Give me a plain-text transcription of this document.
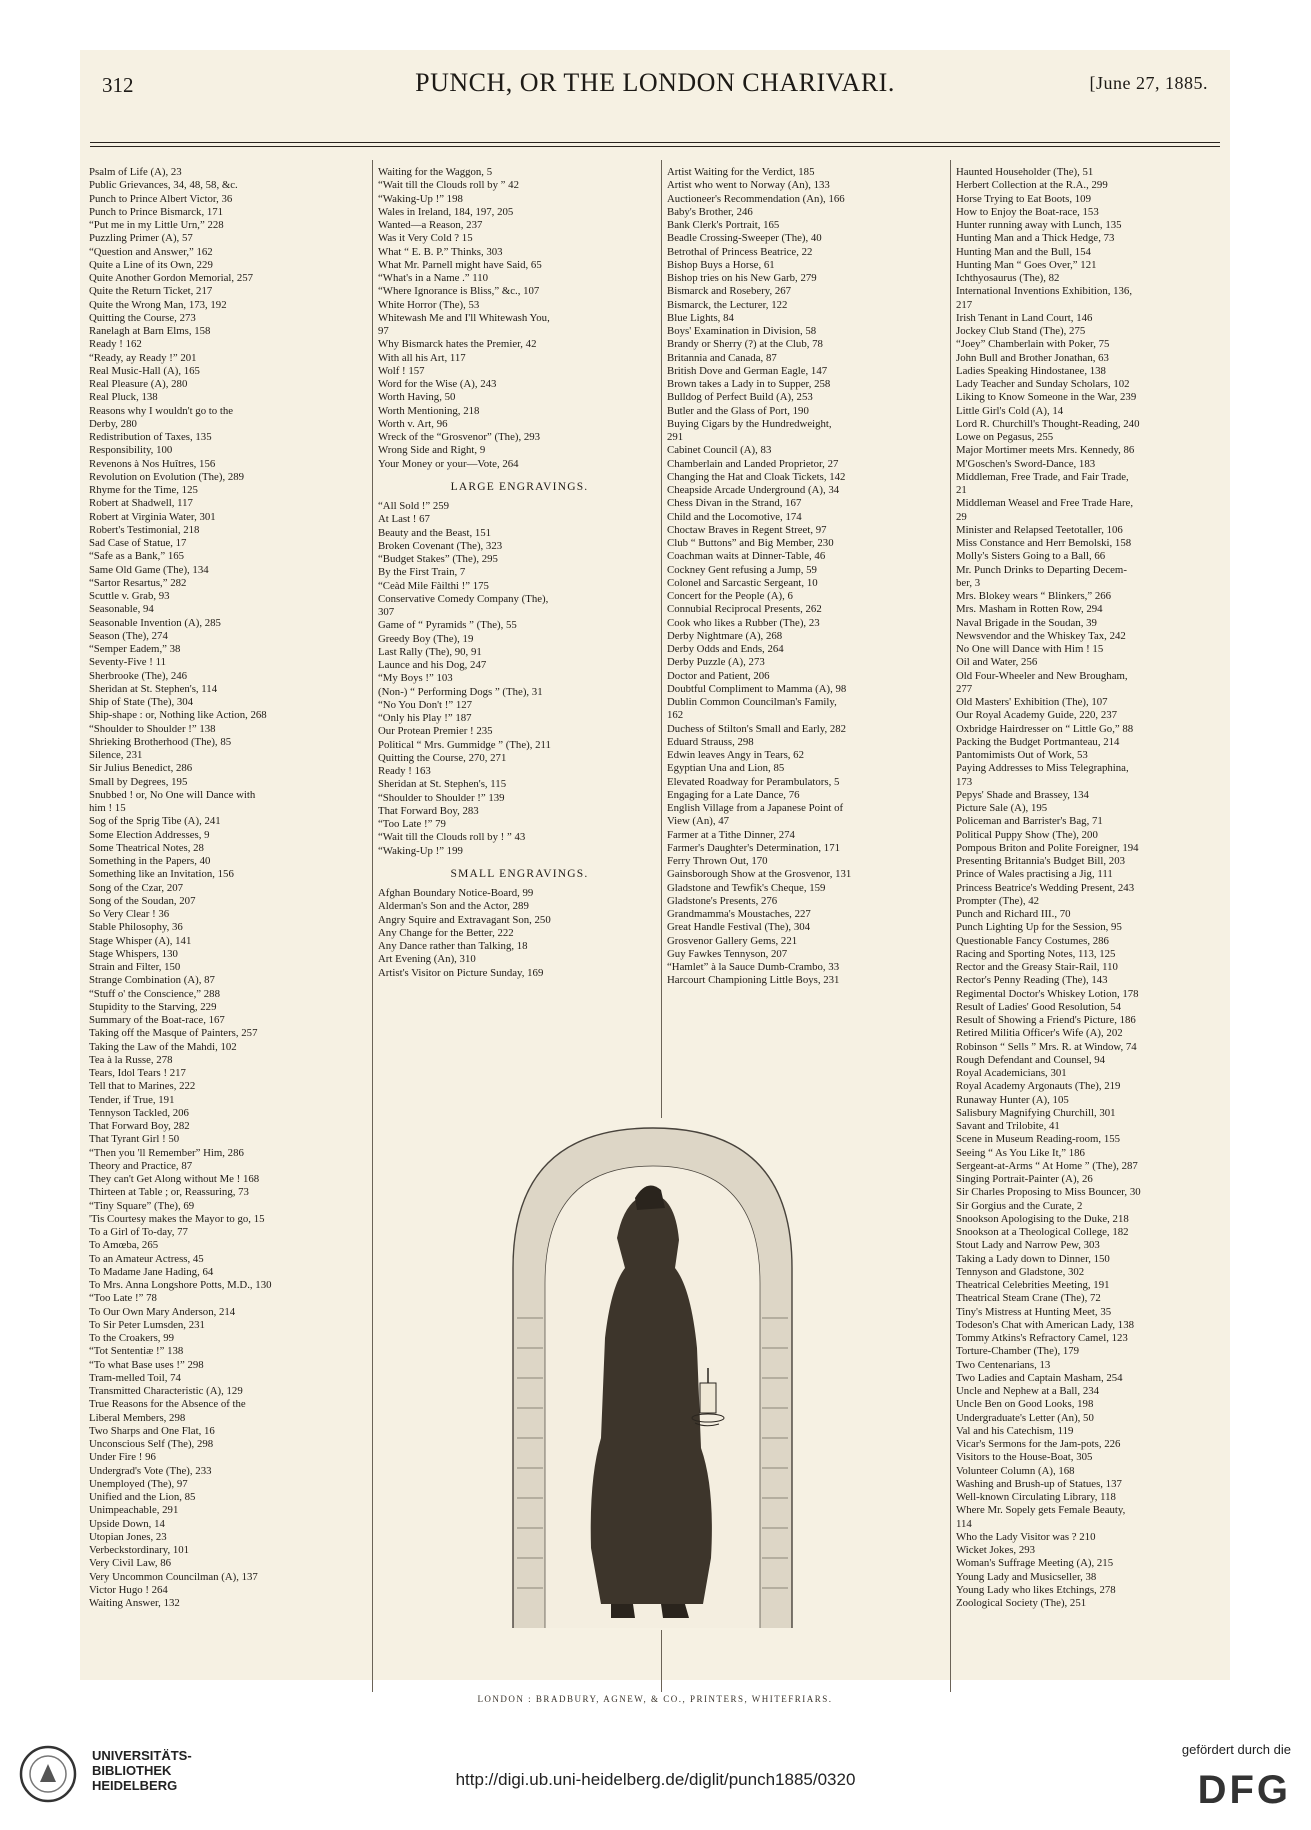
312	PUNCH, OR THE LONDON CHARIVARI.	[June 27, 1885.
Psalm of Life (A), 23
Public Grievances, 34, 48, 58, &c.
Punch to Prince Albert Victor, 36
Punch to Prince Bismarck, 171
“Put me in my Little Urn,” 228
Puzzling Primer (A), 57
“Question and Answer,” 162
Quite a Line of its Own, 229
Quite Another Gordon Memorial, 257
Quite the Return Ticket, 217
Quite the Wrong Man, 173, 192
Quitting the Course, 273
Ranelagh at Barn Elms, 158
Ready ! 162
“Ready, ay Ready !” 201
Real Music-Hall (A), 165
Real Pleasure (A), 280
Real Pluck, 138
Reasons why I wouldn't go to the
Derby, 280
Redistribution of Taxes, 135
Responsibility, 100
Revenons à Nos Huîtres, 156
Revolution on Evolution (The), 289
Rhyme for the Time, 125
Robert at Shadwell, 117
Robert at Virginia Water, 301
Robert's Testimonial, 218
Sad Case of Statue, 17
“Safe as a Bank,” 165
Same Old Game (The), 134
“Sartor Resartus,” 282
Scuttle v. Grab, 93
Seasonable, 94
Seasonable Invention (A), 285
Season (The), 274
“Semper Eadem,” 38
Seventy-Five ! 11
Sherbrooke (The), 246
Sheridan at St. Stephen's, 114
Ship of State (The), 304
Ship-shape : or, Nothing like Action, 268
“Shoulder to Shoulder !” 138
Shrieking Brotherhood (The), 85
Silence, 231
Sir Julius Benedict, 286
Small by Degrees, 195
Snubbed ! or, No One will Dance with
him ! 15
Sog of the Sprig Tibe (A), 241
Some Election Addresses, 9
Some Theatrical Notes, 28
Something in the Papers, 40
Something like an Invitation, 156
Song of the Czar, 207
Song of the Soudan, 207
So Very Clear ! 36
Stable Philosophy, 36
Stage Whisper (A), 141
Stage Whispers, 130
Strain and Filter, 150
Strange Combination (A), 87
“Stuff o' the Conscience,” 288
Stupidity to the Starving, 229
Summary of the Boat-race, 167
Taking off the Masque of Painters, 257
Taking the Law of the Mahdi, 102
Tea à la Russe, 278
Tears, Idol Tears ! 217
Tell that to Marines, 222
Tender, if True, 191
Tennyson Tackled, 206
That Forward Boy, 282
That Tyrant Girl ! 50
“Then you 'll Remember” Him, 286
Theory and Practice, 87
They can't Get Along without Me ! 168
Thirteen at Table ; or, Reassuring, 73
“Tiny Square” (The), 69
'Tis Courtesy makes the Mayor to go, 15
To a Girl of To-day, 77
To Amœba, 265
To an Amateur Actress, 45
To Madame Jane Hading, 64
To Mrs. Anna Longshore Potts, M.D., 130
“Too Late !” 78
To Our Own Mary Anderson, 214
To Sir Peter Lumsden, 231
To the Croakers, 99
“Tot Sententiæ !” 138
“To what Base uses !” 298
Tram-melled Toil, 74
Transmitted Characteristic (A), 129
True Reasons for the Absence of the
Liberal Members, 298
Two Sharps and One Flat, 16
Unconscious Self (The), 298
Under Fire ! 96
Undergrad's Vote (The), 233
Unemployed (The), 97
Unified and the Lion, 85
Unimpeachable, 291
Upside Down, 14
Utopian Jones, 23
Verbeckstordinary, 101
Very Civil Law, 86
Very Uncommon Councilman (A), 137
Victor Hugo ! 264
Waiting Answer, 132
Waiting for the Waggon, 5
“Wait till the Clouds roll by ” 42
“Waking-Up !” 198
Wales in Ireland, 184, 197, 205
Wanted—a Reason, 237
Was it Very Cold ? 15
What “ E. B. P.” Thinks, 303
What Mr. Parnell might have Said, 65
“What's in a Name .” 110
“Where Ignorance is Bliss,” &c., 107
White Horror (The), 53
Whitewash Me and I'll Whitewash You,
97
Why Bismarck hates the Premier, 42
With all his Art, 117
Wolf ! 157
Word for the Wise (A), 243
Worth Having, 50
Worth Mentioning, 218
Worth v. Art, 96
Wreck of the “Grosvenor” (The), 293
Wrong Side and Right, 9
Your Money or your—Vote, 264
LARGE ENGRAVINGS.
“All Sold !” 259
At Last ! 67
Beauty and the Beast, 151
Broken Covenant (The), 323
“Budget Stakes” (The), 295
By the First Train, 7
“Ceàd Mile Fàilthi !” 175
Conservative Comedy Company (The),
307
Game of “ Pyramids ” (The), 55
Greedy Boy (The), 19
Last Rally (The), 90, 91
Launce and his Dog, 247
“My Boys !” 103
(Non-) “ Performing Dogs ” (The), 31
“No You Don't !” 127
“Only his Play !” 187
Our Protean Premier ! 235
Political “ Mrs. Gummidge ” (The), 211
Quitting the Course, 270, 271
Ready ! 163
Sheridan at St. Stephen's, 115
“Shoulder to Shoulder !” 139
That Forward Boy, 283
“Too Late !” 79
“Wait till the Clouds roll by ! ” 43
“Waking-Up !” 199
SMALL ENGRAVINGS.
Afghan Boundary Notice-Board, 99
Alderman's Son and the Actor, 289
Angry Squire and Extravagant Son, 250
Any Change for the Better, 222
Any Dance rather than Talking, 18
Art Evening (An), 310
Artist's Visitor on Picture Sunday, 169
Artist Waiting for the Verdict, 185
Artist who went to Norway (An), 133
Auctioneer's Recommendation (An), 166
Baby's Brother, 246
Bank Clerk's Portrait, 165
Beadle Crossing-Sweeper (The), 40
Betrothal of Princess Beatrice, 22
Bishop Buys a Horse, 61
Bishop tries on his New Garb, 279
Bismarck and Rosebery, 267
Bismarck, the Lecturer, 122
Blue Lights, 84
Boys' Examination in Division, 58
Brandy or Sherry (?) at the Club, 78
Britannia and Canada, 87
British Dove and German Eagle, 147
Brown takes a Lady in to Supper, 258
Bulldog of Perfect Build (A), 253
Butler and the Glass of Port, 190
Buying Cigars by the Hundredweight,
291
Cabinet Council (A), 83
Chamberlain and Landed Proprietor, 27
Changing the Hat and Cloak Tickets, 142
Cheapside Arcade Underground (A), 34
Chess Divan in the Strand, 167
Child and the Locomotive, 174
Choctaw Braves in Regent Street, 97
Club “ Buttons” and Big Member, 230
Coachman waits at Dinner-Table, 46
Cockney Gent refusing a Jump, 59
Colonel and Sarcastic Sergeant, 10
Concert for the People (A), 6
Connubial Reciprocal Presents, 262
Cook who likes a Rubber (The), 23
Derby Nightmare (A), 268
Derby Odds and Ends, 264
Derby Puzzle (A), 273
Doctor and Patient, 206
Doubtful Compliment to Mamma (A), 98
Dublin Common Councilman's Family,
162
Duchess of Stilton's Small and Early, 282
Eduard Strauss, 298
Edwin leaves Angy in Tears, 62
Egyptian Una and Lion, 85
Elevated Roadway for Perambulators, 5
Engaging for a Late Dance, 76
English Village from a Japanese Point of
View (An), 47
Farmer at a Tithe Dinner, 274
Farmer's Daughter's Determination, 171
Ferry Thrown Out, 170
Gainsborough Show at the Grosvenor, 131
Gladstone and Tewfik's Cheque, 159
Gladstone's Presents, 276
Grandmamma's Moustaches, 227
Great Handle Festival (The), 304
Grosvenor Gallery Gems, 221
Guy Fawkes Tennyson, 207
“Hamlet” à la Sauce Dumb-Crambo, 33
Harcourt Championing Little Boys, 231
Haunted Householder (The), 51
Herbert Collection at the R.A., 299
Horse Trying to Eat Boots, 109
How to Enjoy the Boat-race, 153
Hunter running away with Lunch, 135
Hunting Man and a Thick Hedge, 73
Hunting Man and the Bull, 154
Hunting Man “ Goes Over,” 121
Ichthyosaurus (The), 82
International Inventions Exhibition, 136,
217
Irish Tenant in Land Court, 146
Jockey Club Stand (The), 275
“Joey” Chamberlain with Poker, 75
John Bull and Brother Jonathan, 63
Ladies Speaking Hindostanee, 138
Lady Teacher and Sunday Scholars, 102
Liking to Know Someone in the War, 239
Little Girl's Cold (A), 14
Lord R. Churchill's Thought-Reading, 240
Lowe on Pegasus, 255
Major Mortimer meets Mrs. Kennedy, 86
M'Goschen's Sword-Dance, 183
Middleman, Free Trade, and Fair Trade,
21
Middleman Weasel and Free Trade Hare,
29
Minister and Relapsed Teetotaller, 106
Miss Constance and Herr Bemolski, 158
Molly's Sisters Going to a Ball, 66
Mr. Punch Drinks to Departing Decem-
ber, 3
Mrs. Blokey wears “ Blinkers,” 266
Mrs. Masham in Rotten Row, 294
Naval Brigade in the Soudan, 39
Newsvendor and the Whiskey Tax, 242
No One will Dance with Him ! 15
Oil and Water, 256
Old Four-Wheeler and New Brougham,
277
Old Masters' Exhibition (The), 107
Our Royal Academy Guide, 220, 237
Oxbridge Hairdresser on “ Little Go,” 88
Packing the Budget Portmanteau, 214
Pantomimists Out of Work, 53
Paying Addresses to Miss Telegraphina,
173
Pepys' Shade and Brassey, 134
Picture Sale (A), 195
Policeman and Barrister's Bag, 71
Political Puppy Show (The), 200
Pompous Briton and Polite Foreigner, 194
Presenting Britannia's Budget Bill, 203
Prince of Wales practising a Jig, 111
Princess Beatrice's Wedding Present, 243
Prompter (The), 42
Punch and Richard III., 70
Punch Lighting Up for the Session, 95
Questionable Fancy Costumes, 286
Racing and Sporting Notes, 113, 125
Rector and the Greasy Stair-Rail, 110
Rector's Penny Reading (The), 143
Regimental Doctor's Whiskey Lotion, 178
Result of Ladies' Good Resolution, 54
Result of Showing a Friend's Picture, 186
Retired Militia Officer's Wife (A), 202
Robinson “ Sells ” Mrs. R. at Window, 74
Rough Defendant and Counsel, 94
Royal Academicians, 301
Royal Academy Argonauts (The), 219
Runaway Hunter (A), 105
Salisbury Magnifying Churchill, 301
Savant and Trilobite, 41
Scene in Museum Reading-room, 155
Seeing “ As You Like It,” 186
Sergeant-at-Arms “ At Home ” (The), 287
Singing Portrait-Painter (A), 26
Sir Charles Proposing to Miss Bouncer, 30
Sir Gorgius and the Curate, 2
Snookson Apologising to the Duke, 218
Snookson at a Theological College, 182
Stout Lady and Narrow Pew, 303
Taking a Lady down to Dinner, 150
Tennyson and Gladstone, 302
Theatrical Celebrities Meeting, 191
Theatrical Steam Crane (The), 72
Tiny's Mistress at Hunting Meet, 35
Todeson's Chat with American Lady, 138
Tommy Atkins's Refractory Camel, 123
Torture-Chamber (The), 179
Two Centenarians, 13
Two Ladies and Captain Masham, 254
Uncle and Nephew at a Ball, 234
Uncle Ben on Good Looks, 198
Undergraduate's Letter (An), 50
Val and his Catechism, 119
Vicar's Sermons for the Jam-pots, 226
Visitors to the House-Boat, 305
Volunteer Column (A), 168
Washing and Brush-up of Statues, 137
Well-known Circulating Library, 118
Where Mr. Sopely gets Female Beauty,
114
Who the Lady Visitor was ? 210
Wicket Jokes, 293
Woman's Suffrage Meeting (A), 215
Young Lady and Musicseller, 38
Young Lady who likes Etchings, 278
Zoological Society (The), 251
LONDON : BRADBURY, AGNEW, & CO., PRINTERS, WHITEFRIARS.
UNIVERSITÄTS-
BIBLIOTHEK
HEIDELBERG	http://digi.ub.uni-heidelberg.de/diglit/punch1885/0320
gefördert durch die
DFG
